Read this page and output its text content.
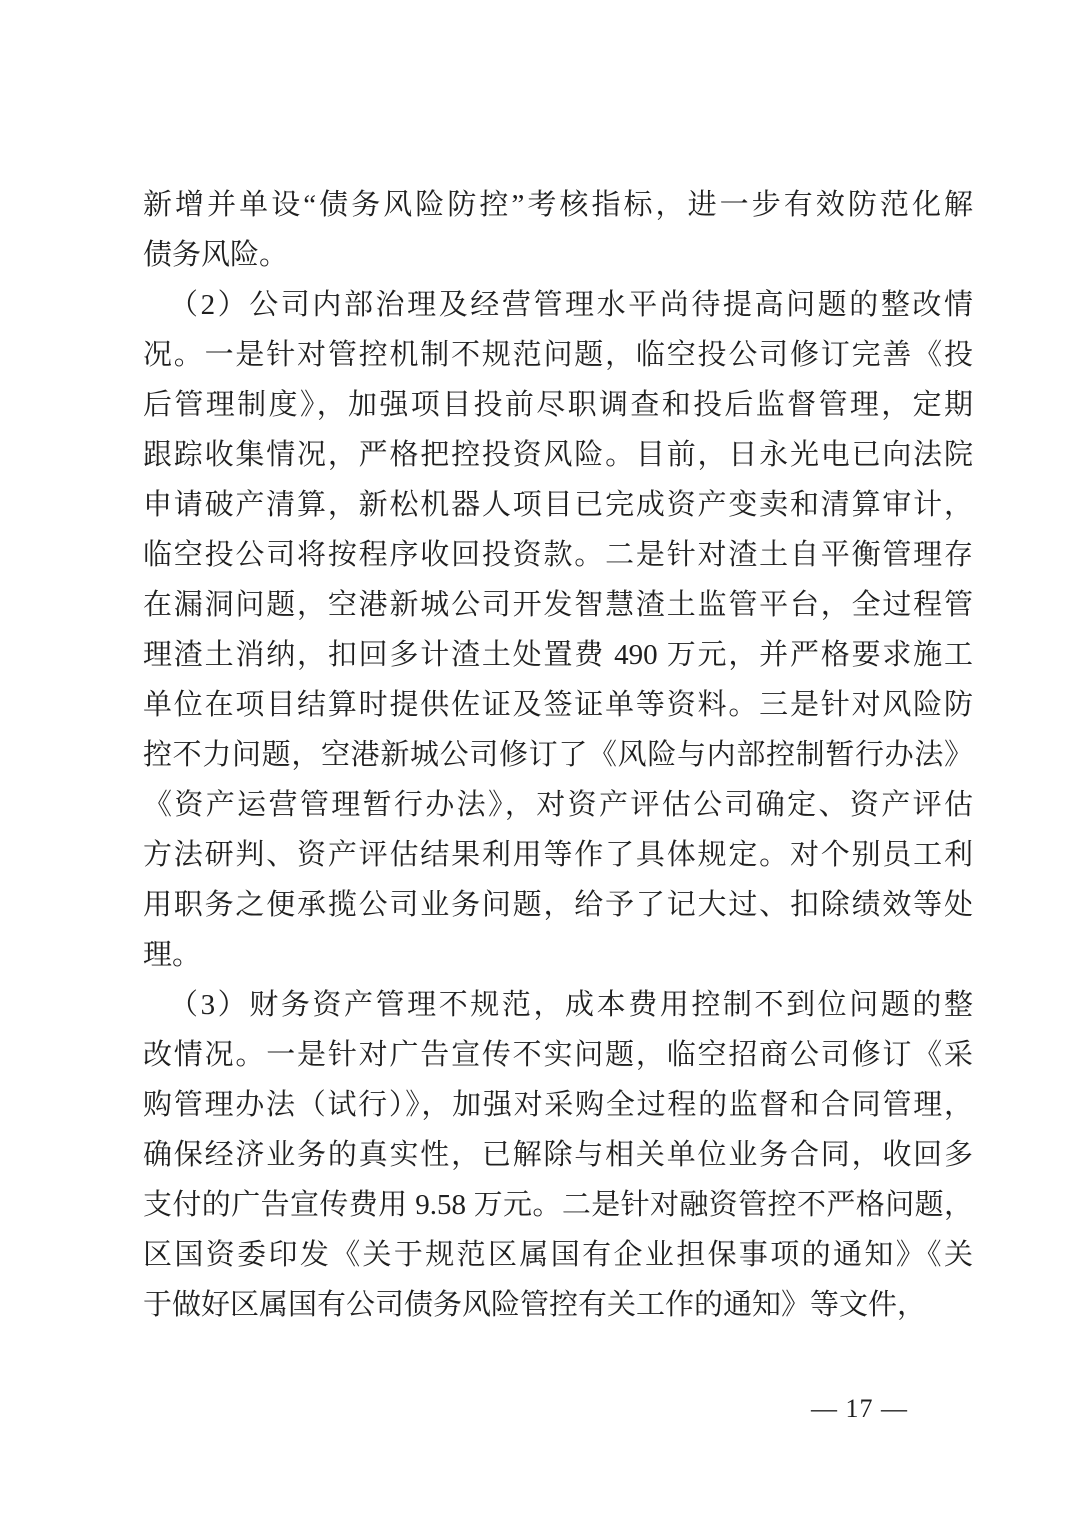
新增并单设“债务风险防控”考核指标，进一步有效防范化解
债务风险。
（2）公司内部治理及经营管理水平尚待提高问题的整改情
况。一是针对管控机制不规范问题，临空投公司修订完善《投
后管理制度》，加强项目投前尽职调查和投后监督管理，定期
跟踪收集情况，严格把控投资风险。目前，日永光电已向法院
申请破产清算，新松机器人项目已完成资产变卖和清算审计，
临空投公司将按程序收回投资款。二是针对渣土自平衡管理存
在漏洞问题，空港新城公司开发智慧渣土监管平台，全过程管
理渣土消纳，扣回多计渣土处置费 490 万元，并严格要求施工
单位在项目结算时提供佐证及签证单等资料。三是针对风险防
控不力问题，空港新城公司修订了《风险与内部控制暂行办法》
《资产运营管理暂行办法》，对资产评估公司确定、资产评估
方法研判、资产评估结果利用等作了具体规定。对个别员工利
用职务之便承揽公司业务问题，给予了记大过、扣除绩效等处
理。
（3）财务资产管理不规范，成本费用控制不到位问题的整
改情况。一是针对广告宣传不实问题，临空招商公司修订《采
购管理办法（试行）》，加强对采购全过程的监督和合同管理，
确保经济业务的真实性，已解除与相关单位业务合同，收回多
支付的广告宣传费用 9.58 万元。二是针对融资管控不严格问题，
区国资委印发《关于规范区属国有企业担保事项的通知》《关
于做好区属国有公司债务风险管控有关工作的通知》等文件，
— 17 —
